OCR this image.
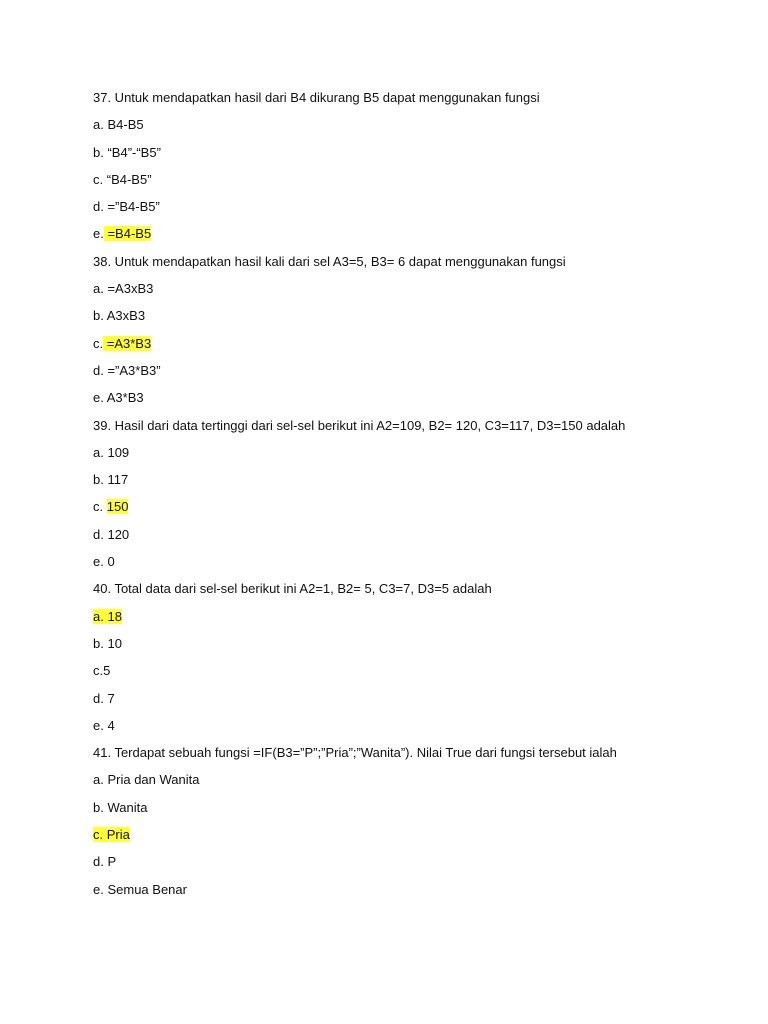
37. Untuk mendapatkan hasil dari B4 dikurang B5 dapat menggunakan fungsi
a. B4-B5
b. “B4”-“B5”
c. “B4-B5”
d. =”B4-B5”
e. =B4-B5
38. Untuk mendapatkan hasil kali dari sel A3=5, B3= 6 dapat menggunakan fungsi
a. =A3xB3
b. A3xB3
c. =A3*B3
d. =”A3*B3”
e. A3*B3
39. Hasil dari data tertinggi dari sel-sel berikut ini A2=109, B2= 120, C3=117, D3=150 adalah
a. 109
b. 117
c. 150
d. 120
e. 0
40. Total data dari sel-sel berikut ini A2=1, B2= 5, C3=7, D3=5 adalah
a. 18
b. 10
c.5
d. 7
e. 4
41. Terdapat sebuah fungsi =IF(B3=”P”;”Pria”;”Wanita”). Nilai True dari fungsi tersebut ialah
a. Pria dan Wanita
b. Wanita
c. Pria
d. P
e. Semua Benar
